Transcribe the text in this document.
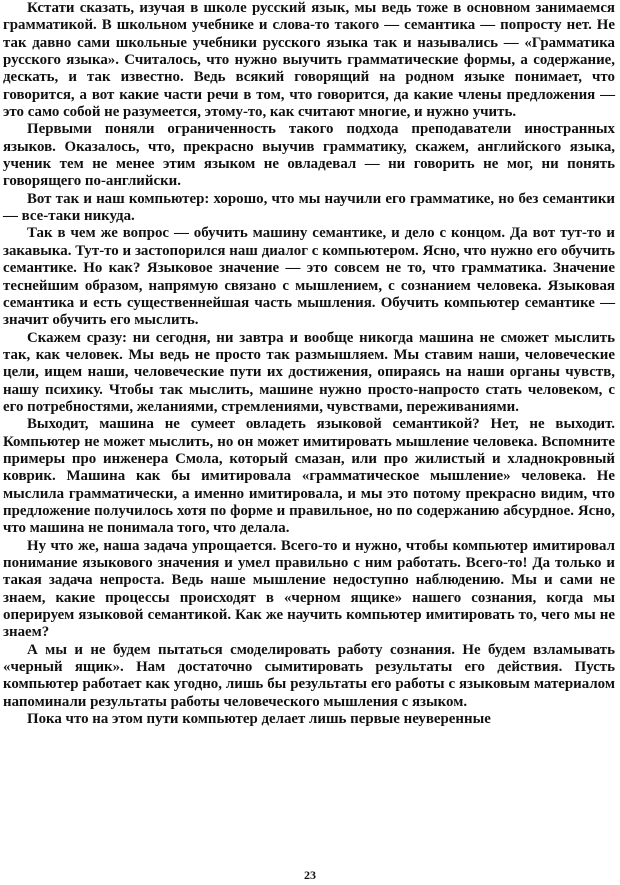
Кстати сказать, изучая в школе русский язык, мы ведь тоже в основном занимаемся грамматикой. В школьном учебнике и слова-то такого — семантика — попросту нет. Не так давно сами школьные учебники русского языка так и назывались — «Грамматика русского языка». Считалось, что нужно выучить грамматические формы, а содержание, дескать, и так известно. Ведь всякий говорящий на родном языке понимает, что говорится, а вот какие части речи в том, что говорится, да какие члены предложения — это само собой не разумеется, этому-то, как считают многие, и нужно учить.

Первыми поняли ограниченность такого подхода преподаватели иностранных языков. Оказалось, что, прекрасно выучив грамматику, скажем, английского языка, ученик тем не менее этим языком не овладевал — ни говорить не мог, ни понять говорящего по-английски.

Вот так и наш компьютер: хорошо, что мы научили его грамматике, но без семантики — все-таки никуда.

Так в чем же вопрос — обучить машину семантике, и дело с концом. Да вот тут-то и закавыка. Тут-то и застопорился наш диалог с компьютером. Ясно, что нужно его обучить семантике. Но как? Языковое значение — это совсем не то, что грамматика. Значение теснейшим образом, напрямую связано с мышлением, с сознанием человека. Языковая семантика и есть существеннейшая часть мышления. Обучить компьютер семантике — значит обучить его мыслить.

Скажем сразу: ни сегодня, ни завтра и вообще никогда машина не сможет мыслить так, как человек. Мы ведь не просто так размышляем. Мы ставим наши, человеческие цели, ищем наши, человеческие пути их достижения, опираясь на наши органы чувств, нашу психику. Чтобы так мыслить, машине нужно просто-напросто стать человеком, с его потребностями, желаниями, стремлениями, чувствами, переживаниями.

Выходит, машина не сумеет овладеть языковой семантикой? Нет, не выходит. Компьютер не может мыслить, но он может имитировать мышление человека. Вспомните примеры про инженера Смола, который смазан, или про жилистый и хладнокровный коврик. Машина как бы имитировала «грамматическое мышление» человека. Не мыслила грамматически, а именно имитировала, и мы это потому прекрасно видим, что предложение получилось хотя по форме и правильное, но по содержанию абсурдное. Ясно, что машина не понимала того, что делала.

Ну что же, наша задача упрощается. Всего-то и нужно, чтобы компьютер имитировал понимание языкового значения и умел правильно с ним работать. Всего-то! Да только и такая задача непроста. Ведь наше мышление недоступно наблюдению. Мы и сами не знаем, какие процессы происходят в «черном ящике» нашего сознания, когда мы оперируем языковой семантикой. Как же научить компьютер имитировать то, чего мы не знаем?

А мы и не будем пытаться смоделировать работу сознания. Не будем взламывать «черный ящик». Нам достаточно сымитировать результаты его действия. Пусть компьютер работает как угодно, лишь бы результаты его работы с языковым материалом напоминали результаты работы человеческого мышления с языком.

Пока что на этом пути компьютер делает лишь первые неуверенные

23
